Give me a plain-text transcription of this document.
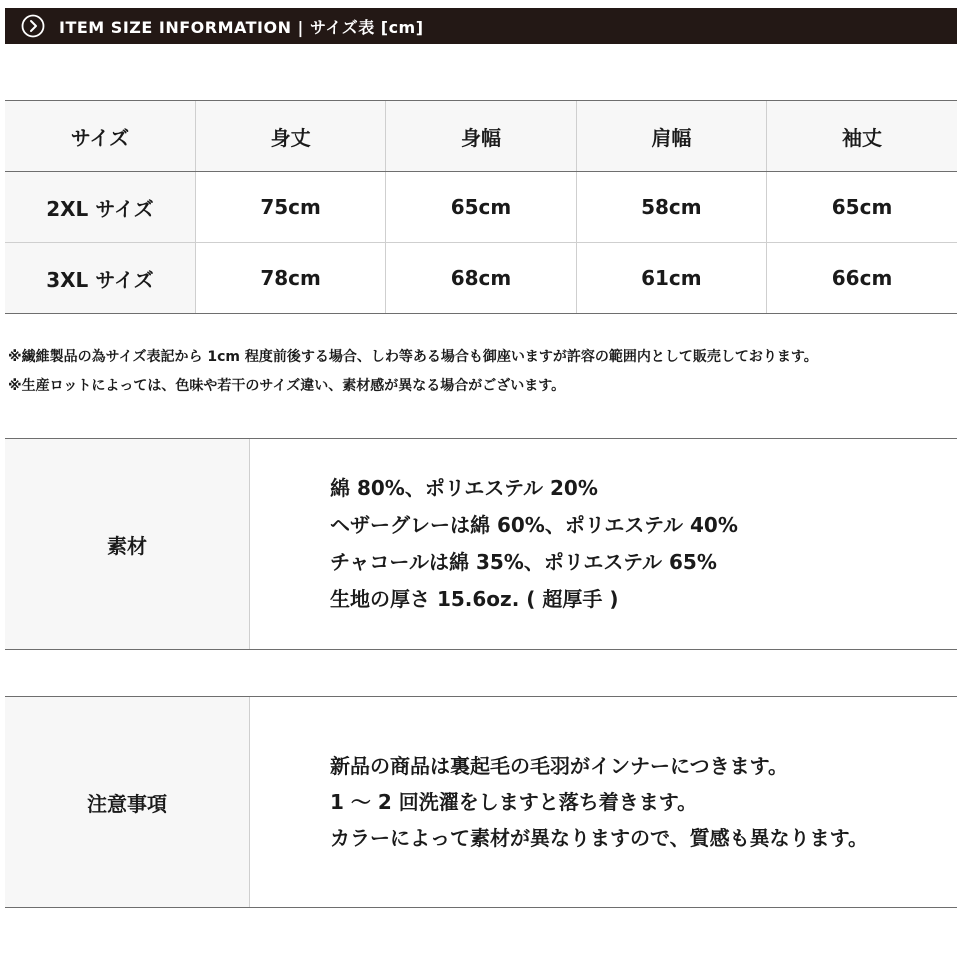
ITEM SIZE INFORMATION | サイズ表 [cm]
サイズ	身丈	身幅	肩幅	袖丈
2XL サイズ	75cm	65cm	58cm	65cm
3XL サイズ	78cm	68cm	61cm	66cm
※繊維製品の為サイズ表記から 1cm 程度前後する場合、しわ等ある場合も御座いますが許容の範囲内として販売しております。
※生産ロットによっては、色味や若干のサイズ違い、素材感が異なる場合がございます。
素材
綿 80%、ポリエステル 20%
ヘザーグレーは綿 60%、ポリエステル 40%
チャコールは綿 35%、ポリエステル 65%
生地の厚さ 15.6oz. ( 超厚手 )
注意事項
新品の商品は裏起毛の毛羽がインナーにつきます。
1 〜 2 回洗濯をしますと落ち着きます。
カラーによって素材が異なりますので、質感も異なります。
